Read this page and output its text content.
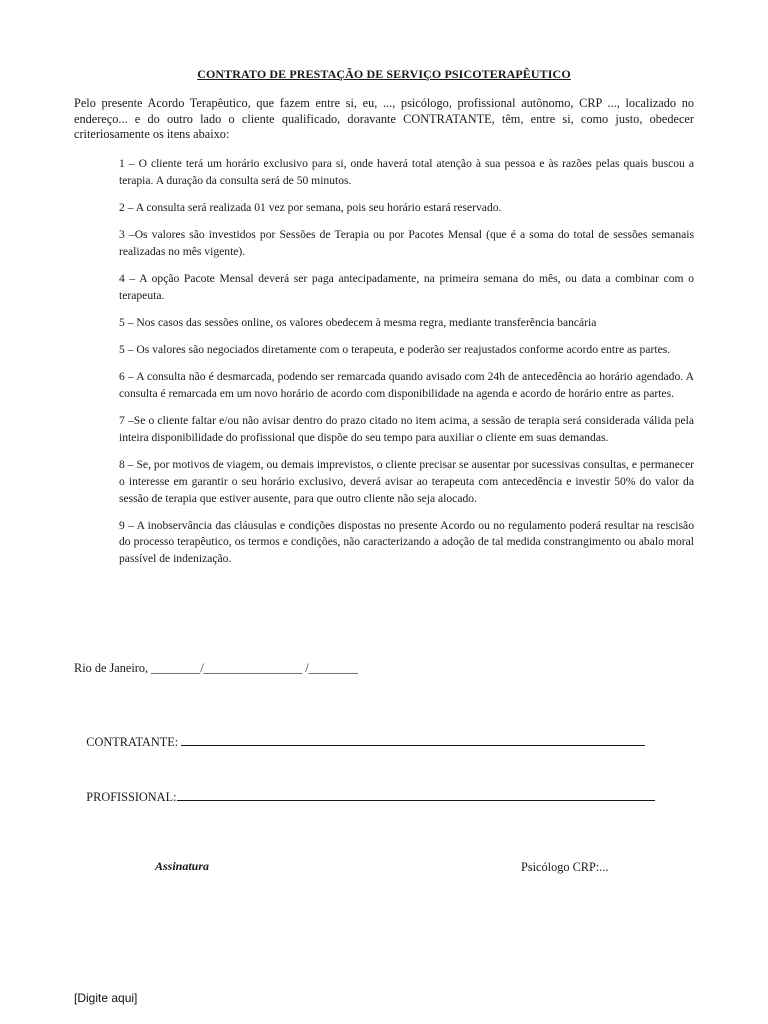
CONTRATO DE PRESTAÇÃO DE SERVIÇO PSICOTERAPÊUTICO
Pelo presente Acordo Terapêutico, que fazem entre si, eu, ..., psicólogo, profissional autônomo, CRP ..., localizado no endereço... e do outro lado o cliente qualificado, doravante CONTRATANTE, têm, entre si, como justo, obedecer criteriosamente os itens abaixo:

1 – O cliente terá um horário exclusivo para si, onde haverá total atenção à sua pessoa e às razões pelas quais buscou a terapia. A duração da consulta será de 50 minutos.

2 – A consulta será realizada 01 vez por semana, pois seu horário estará reservado.

3 –Os valores são investidos por Sessões de Terapia ou por Pacotes Mensal (que é a soma do total de sessões semanais realizadas no mês vigente).

4 – A opção Pacote Mensal deverá ser paga antecipadamente, na primeira semana do mês, ou data a combinar com o terapeuta.

5 – Nos casos das sessões online, os valores obedecem à mesma regra, mediante transferência bancária

5 – Os valores são negociados diretamente com o terapeuta, e poderão ser reajustados conforme acordo entre as partes.

6 – A consulta não é desmarcada, podendo ser remarcada quando avisado com 24h de antecedência ao horário agendado. A consulta é remarcada em um novo horário de acordo com disponibilidade na agenda e acordo de horário entre as partes.

7 –Se o cliente faltar e/ou não avisar dentro do prazo citado no item acima, a sessão de terapia será considerada válida pela inteira disponibilidade do profissional que dispõe do seu tempo para auxiliar o cliente em suas demandas.

8 – Se, por motivos de viagem, ou demais imprevistos, o cliente precisar se ausentar por sucessivas consultas, e permanecer o interesse em garantir o seu horário exclusivo, deverá avisar ao terapeuta com antecedência e investir 50% do valor da sessão de terapia que estiver ausente, para que outro cliente não seja alocado.

9 – A inobservância das cláusulas e condições dispostas no presente Acordo ou no regulamento poderá resultar na rescisão do processo terapêutico, os termos e condições, não caracterizando a adoção de tal medida constrangimento ou abalo moral passível de indenização.

Rio de Janeiro, ________/________________ /________

CONTRATANTE:

PROFISSIONAL:

Assinatura	Psicólogo CRP:...
[Digite aqui]
